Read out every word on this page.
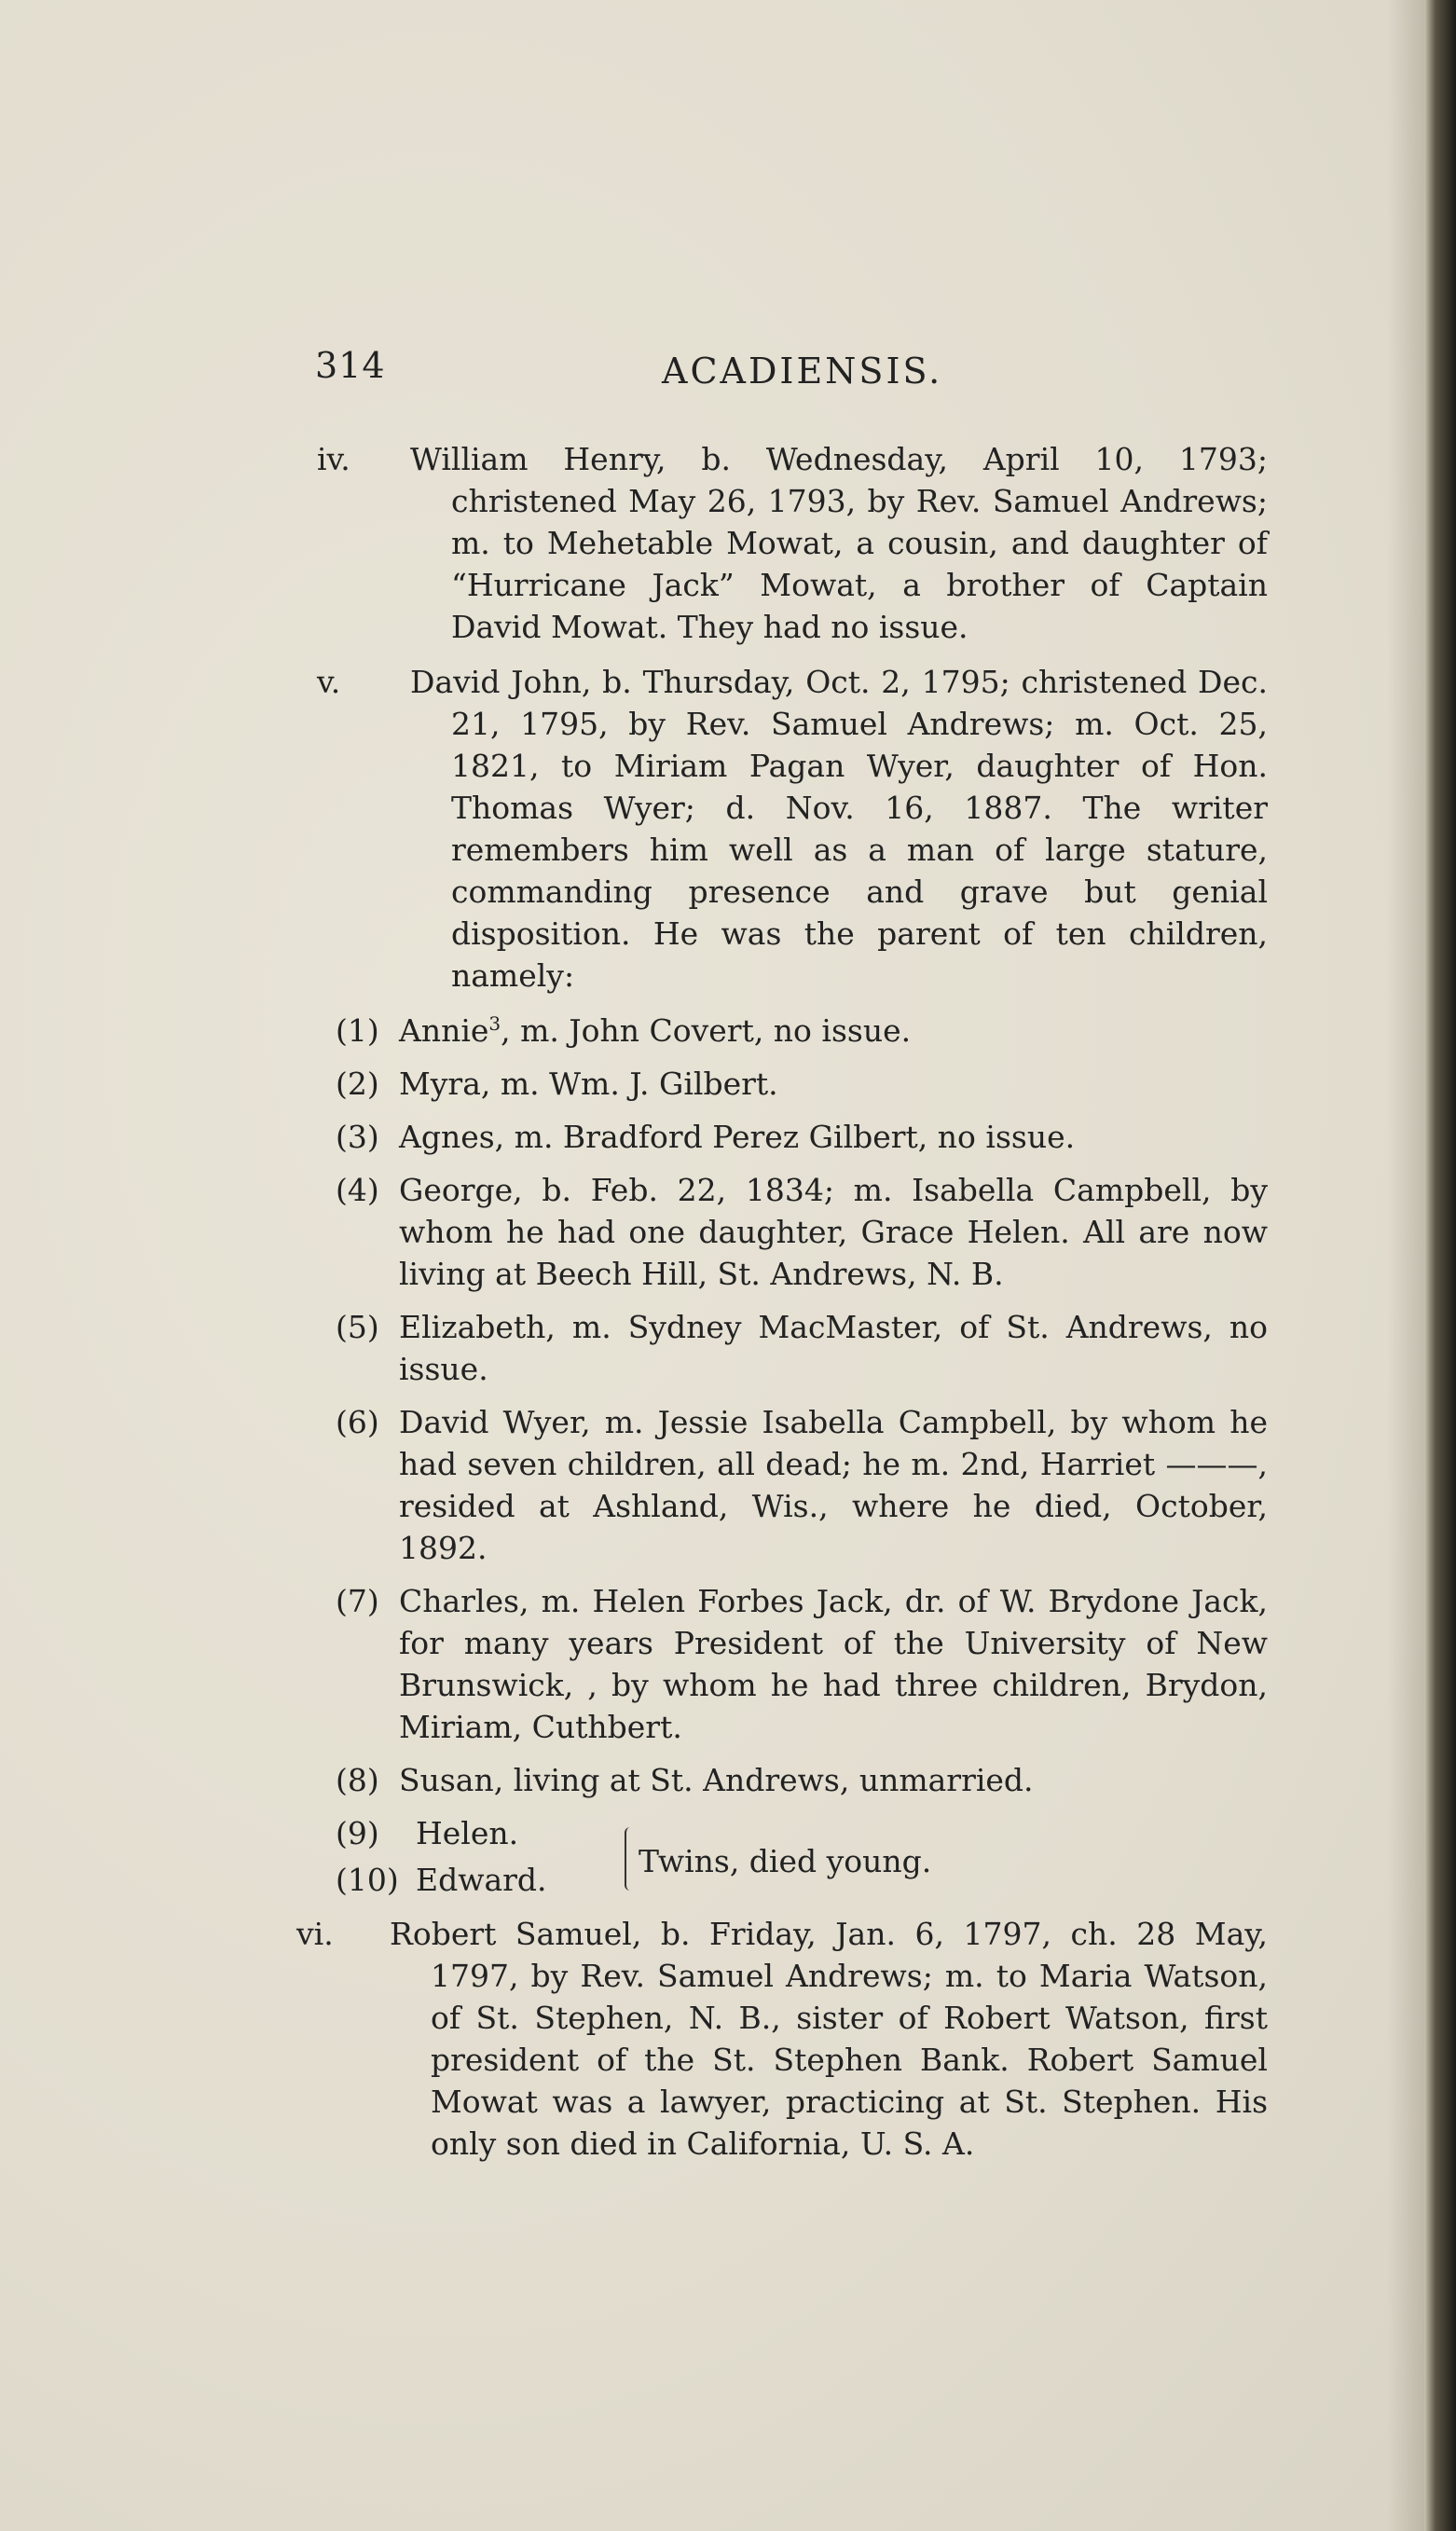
314	ACADIENSIS.
iv.	William Henry, b. Wednesday, April 10, 1793; christened May 26, 1793, by Rev. Samuel Andrews; m. to Mehetable Mowat, a cousin, and daughter of “Hurricane Jack” Mowat, a brother of Captain David Mowat. They had no issue.
v.	David John, b. Thursday, Oct. 2, 1795; christened Dec. 21, 1795, by Rev. Samuel Andrews; m. Oct. 25, 1821, to Miriam Pagan Wyer, daughter of Hon. Thomas Wyer; d. Nov. 16, 1887. The writer remembers him well as a man of large stature, commanding presence and grave but genial disposition. He was the parent of ten children, namely:
(1) Annie$^3$, m. John Covert, no issue.
(2) Myra, m. Wm. J. Gilbert.
(3) Agnes, m. Bradford Perez Gilbert, no issue.
(4) George, b. Feb. 22, 1834; m. Isabella Campbell, by whom he had one daughter, Grace Helen. All are now living at Beech Hill, St. Andrews, N. B.
(5) Elizabeth, m. Sydney MacMaster, of St. Andrews, no issue.
(6) David Wyer, m. Jessie Isabella Campbell, by whom he had seven children, all dead; he m. 2nd, Harriet ———, resided at Ashland, Wis., where he died, October, 1892.
(7) Charles, m. Helen Forbes Jack, dr. of W. Brydone Jack, for many years President of the University of New Brunswick, , by whom he had three children, Brydon, Miriam, Cuthbert.
(8) Susan, living at St. Andrews, unmarried.
(9) Helen.
(10) Edward.
Twins, died young.
vi.	Robert Samuel, b. Friday, Jan. 6, 1797, ch. 28 May, 1797, by Rev. Samuel Andrews; m. to Maria Watson, of St. Stephen, N. B., sister of Robert Watson, first president of the St. Stephen Bank. Robert Samuel Mowat was a lawyer, practicing at St. Stephen. His only son died in California, U. S. A.
